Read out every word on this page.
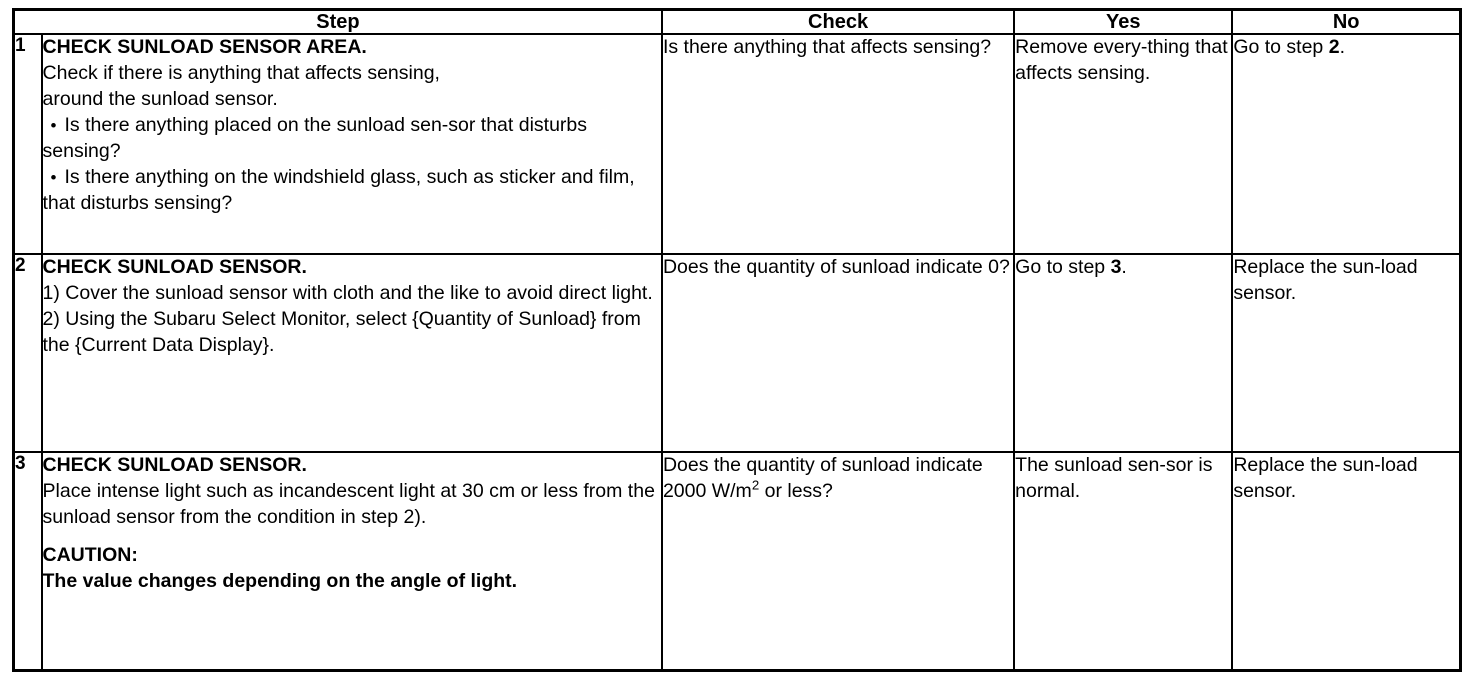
Step		Check	Yes	No
1	CHECK SUNLOAD SENSOR AREA.
Check if there is anything that affects sensing,
around the sunload sensor.
• Is there anything placed on the sunload sen-sor that disturbs sensing?
• Is there anything on the windshield glass, such as sticker and film, that disturbs sensing?	Is there anything that affects sensing?	Remove every-thing that affects sensing.	Go to step 2.
2	CHECK SUNLOAD SENSOR.
1) Cover the sunload sensor with cloth and the like to avoid direct light.
2) Using the Subaru Select Monitor, select {Quantity of Sunload} from the {Current Data Display}.	Does the quantity of sunload indicate 0?	Go to step 3.	Replace the sun-load sensor.
3	CHECK SUNLOAD SENSOR.
Place intense light such as incandescent light at 30 cm or less from the sunload sensor from the condition in step 2).
CAUTION:
The value changes depending on the angle of light.	Does the quantity of sunload indicate 2000 $W/m^2$ or less?	The sunload sen-sor is normal.	Replace the sun-load sensor.
